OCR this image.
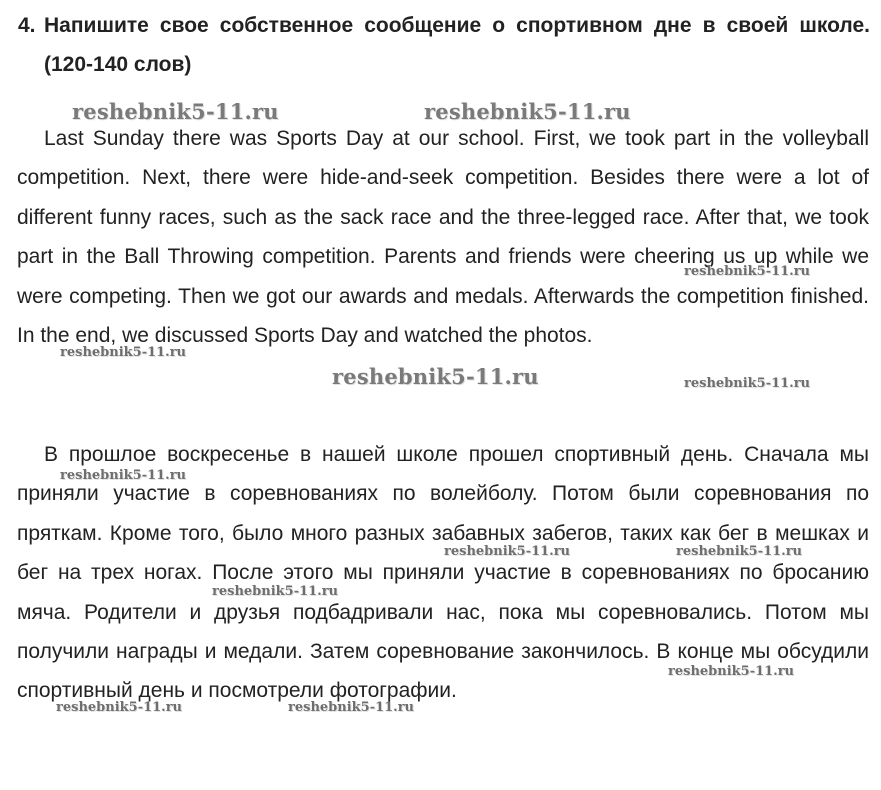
4. Напишите свое собственное сообщение о спортивном дне в своей школе. (120-140 слов)

Last Sunday there was Sports Day at our school. First, we took part in the volleyball competition. Next, there were hide-and-seek competition. Besides there were a lot of different funny races, such as the sack race and the three-legged race. After that, we took part in the Ball Throwing competition. Parents and friends were cheering us up while we were competing. Then we got our awards and medals. Afterwards the competition finished. In the end, we discussed Sports Day and watched the photos.

В прошлое воскресенье в нашей школе прошел спортивный день. Сначала мы приняли участие в соревнованиях по волейболу. Потом были соревнования по пряткам. Кроме того, было много разных забавных забегов, таких как бег в мешках и бег на трех ногах. После этого мы приняли участие в соревнованиях по бросанию мяча. Родители и друзья подбадривали нас, пока мы соревновались. Потом мы получили награды и медали. Затем соревнование закончилось. В конце мы обсудили спортивный день и посмотрели фотографии.

reshebnik5-11.ru	reshebnik5-11.ru
reshebnik5-11.ru
reshebnik5-11.ru
reshebnik5-11.ru
reshebnik5-11.ru
reshebnik5-11.ru
reshebnik5-11.ru	reshebnik5-11.ru
reshebnik5-11.ru
reshebnik5-11.ru
reshebnik5-11.ru	reshebnik5-11.ru
